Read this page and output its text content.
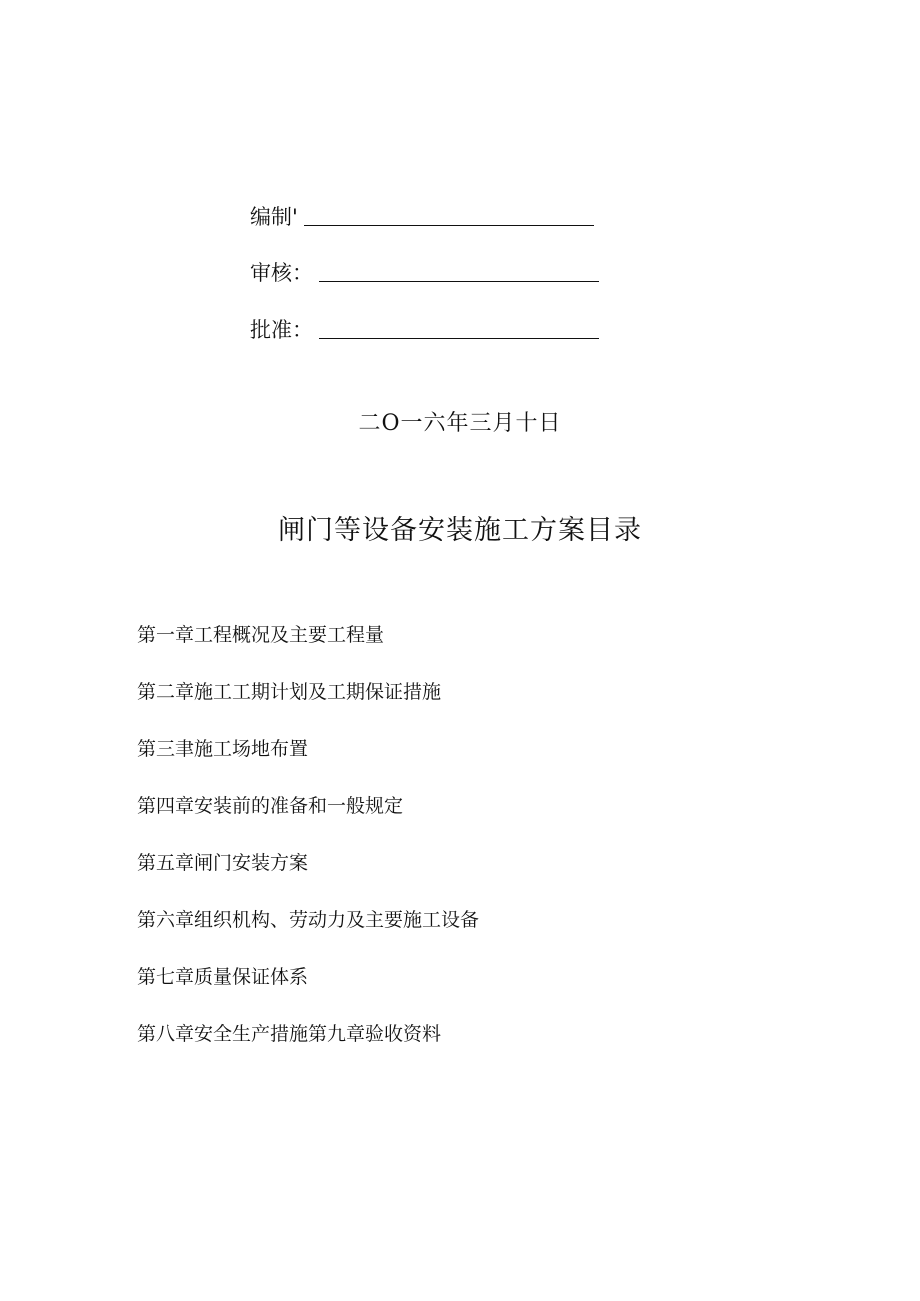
编制'
审核：
批准：
二O一六年三月十日
闸门等设备安装施工方案目录
第一章工程概况及主要工程量
第二章施工工期计划及工期保证措施
第三聿施工场地布置
第四章安装前的准备和一般规定
第五章闸门安装方案
第六章组织机构、劳动力及主要施工设备
第七章质量保证体系
第八章安全生产措施第九章验收资料
